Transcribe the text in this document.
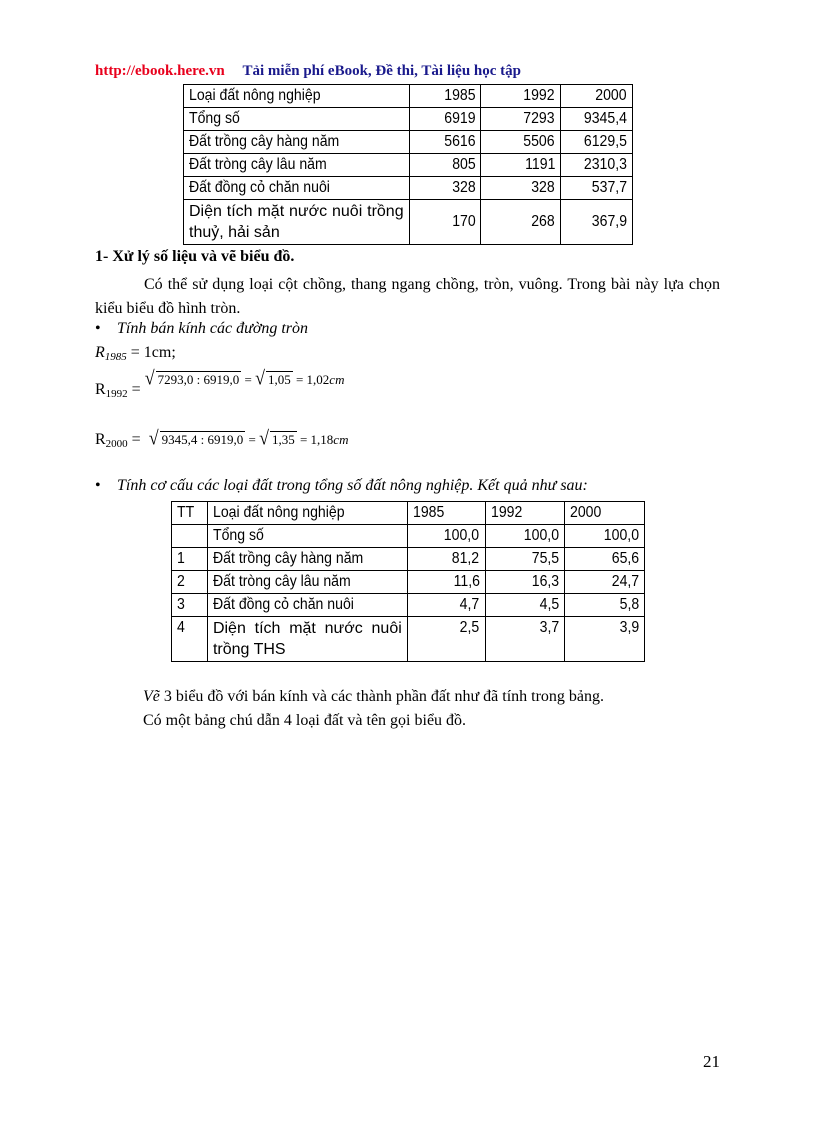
http://ebook.here.vn Tải miễn phí eBook, Đề thi, Tài liệu học tập
Loại đất nông nghiệp	1985	1992	2000
Tổng số	6919	7293	9345,4
Đất trồng cây hàng năm	5616	5506	6129,5
Đất tròng cây lâu năm	805	1191	2310,3
Đất đồng cỏ chăn nuôi	328	328	537,7
Diện tích mặt nước nuôi trồng thuỷ, hải sản	170	268	367,9
1- Xử lý số liệu và vẽ biểu đồ.
Có thể sử dụng loại cột chồng, thang ngang chồng, tròn, vuông. Trong bài này lựa chọn kiểu biểu đồ hình tròn.
• Tính bán kính các đường tròn
$R_{1985} = 1cm$;
$R_{1992} = ^{√ 7293,0 : 6919,0 = √ 1,05 = 1,02cm}$
$R_{2000}$ = √ 9345,4 : 6919,0 = √ 1,35 = 1,18cm
• Tính cơ cấu các loại đất trong tổng số đất nông nghiệp. Kết quả như sau:
TT	Loại đất nông nghiệp	1985	1992	2000
	Tổng số	100,0	100,0	100,0
1	Đất trồng cây hàng năm	81,2	75,5	65,6
2	Đất tròng cây lâu năm	11,6	16,3	24,7
3	Đất đồng cỏ chăn nuôi	4,7	4,5	5,8
4	Diện tích mặt nước nuôi trồng THS	2,5	3,7	3,9
Vẽ 3 biểu đồ với bán kính và các thành phần đất như đã tính trong bảng.
Có một bảng chú dẫn 4 loại đất và tên gọi biểu đồ.
21
